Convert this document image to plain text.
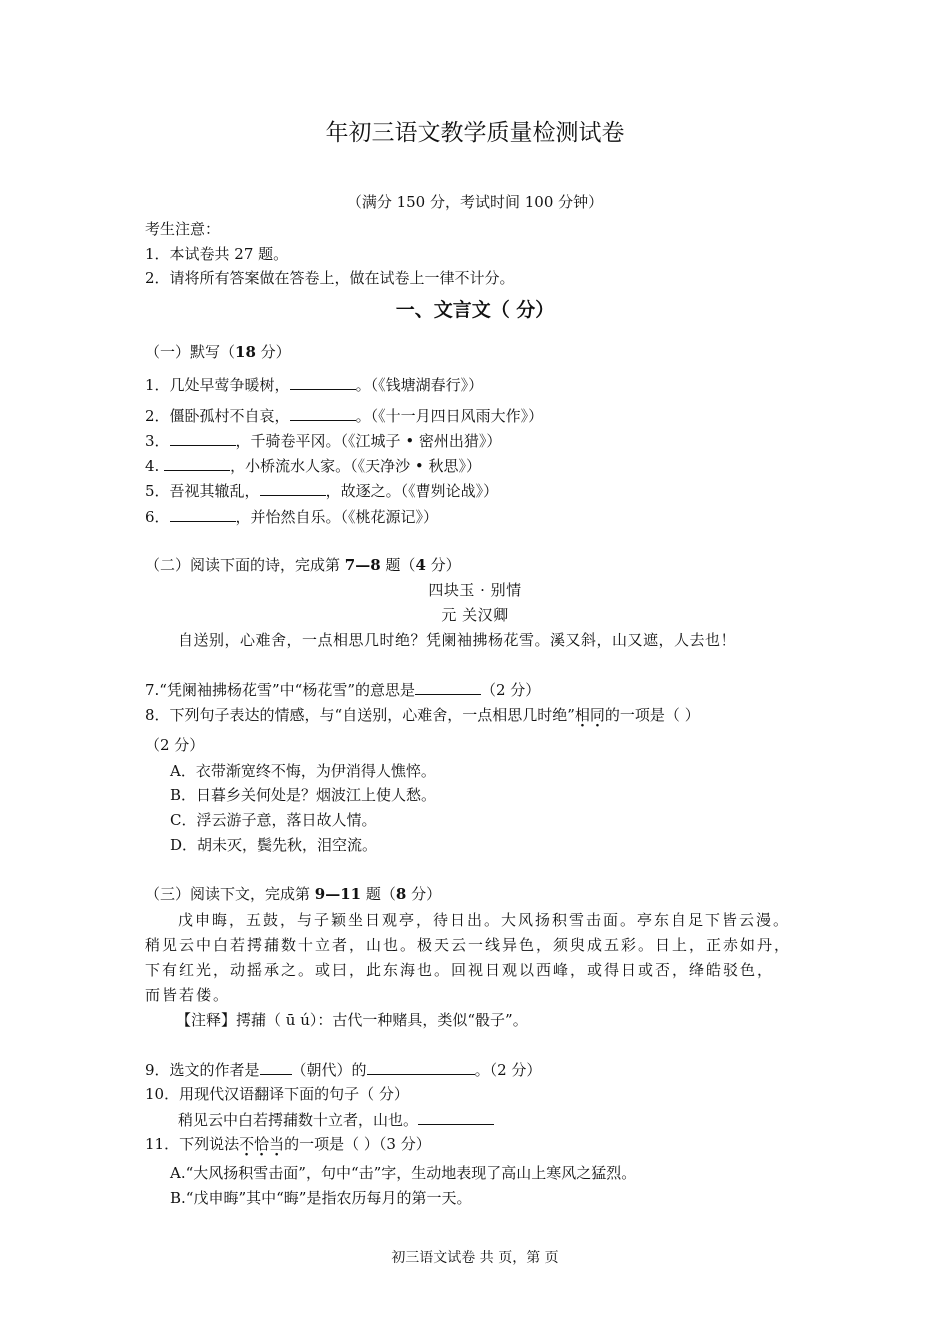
年初三语文教学质量检测试卷
（满分 150 分，考试时间 100 分钟）
考生注意：
1．本试卷共 27 题。
2．请将所有答案做在答卷上，做在试卷上一律不计分。
一、文言文（ 分）
（一）默写（18 分）
1．几处早莺争暖树，	。（《钱塘湖春行》）
2．僵卧孤村不自哀，	。（《十一月四日风雨大作》）
3．	，千骑卷平冈。（《江城子 • 密州出猎》）
4.	，小桥流水人家。（《天净沙 • 秋思》）
5．吾视其辙乱，	，故逐之。（《曹刿论战》）
6．	，并怡然自乐。（《桃花源记》）
（二）阅读下面的诗，完成第 7—8 题（4 分）
四块玉 · 别情
元 关汉卿
自送别，心难舍，一点相思几时绝？凭阑袖拂杨花雪。溪又斜，山又遮，人去也！
7.“凭阑袖拂杨花雪”中“杨花雪”的意思是	（2 分）
8．下列句子表达的情感，与“自送别，心难舍，一点相思几时绝”相同的一项是（ ）
（2 分）
A．衣带渐宽终不悔，为伊消得人憔悴。
B．日暮乡关何处是？烟波江上使人愁。
C．浮云游子意，落日故人情。
D．胡未灭，鬓先秋，泪空流。
（三）阅读下文，完成第 9—11 题（8 分）
戊申晦，五鼓，与子颖坐日观亭，待日出。大风扬积雪击面。亭东自足下皆云漫。
稍见云中白若摴蒱数十立者，山也。极天云一线异色，须臾成五彩。日上，正赤如丹，
下有红光，动摇承之。或曰，此东海也。回视日观以西峰，或得日或否，绛皓驳色，
而皆若偻。
【注释】摴蒱（ ū ú）：古代一种赌具，类似“骰子”。
9．选文的作者是 （朝代）的	。（2 分）
10．用现代汉语翻译下面的句子（ 分）
稍见云中白若摴蒱数十立者，山也。
11．下列说法不恰当的一项是（ ）（3 分）
A.“大风扬积雪击面”，句中“击”字，生动地表现了高山上寒风之猛烈。
B.“戊申晦”其中“晦”是指农历每月的第一天。
初三语文试卷 共 页，第 页
